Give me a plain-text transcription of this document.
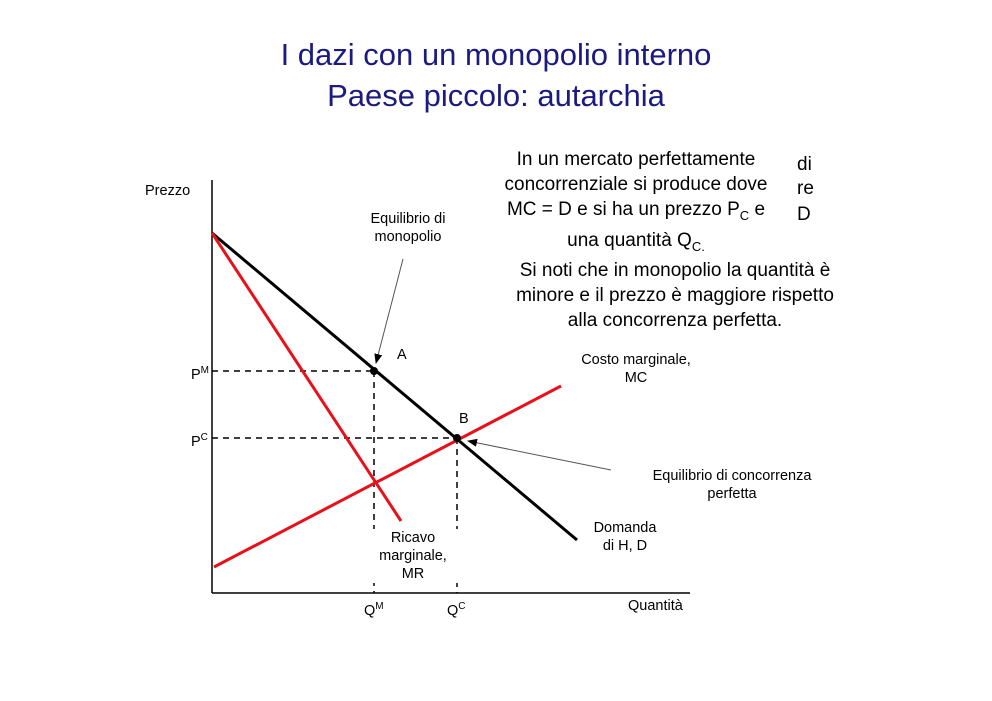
I dazi con un monopolio interno
Paese piccolo: autarchia
di
re
D
In un mercato perfettamente
concorrenziale si produce dove
MC = D e si ha un prezzo $P_C$ e
una quantità $Q_{C.}$
Si noti che in monopolio la quantità è
minore e il prezzo è maggiore rispetto
alla concorrenza perfetta.
Prezzo
Quantità
$P^M$
$P^C$
$Q^M$	$Q^C$
A
B
Equilibrio di
monopolio
Costo marginale,
MC
Equilibrio di concorrenza
perfetta
Domanda
di H, D
Ricavo
marginale,
MR
